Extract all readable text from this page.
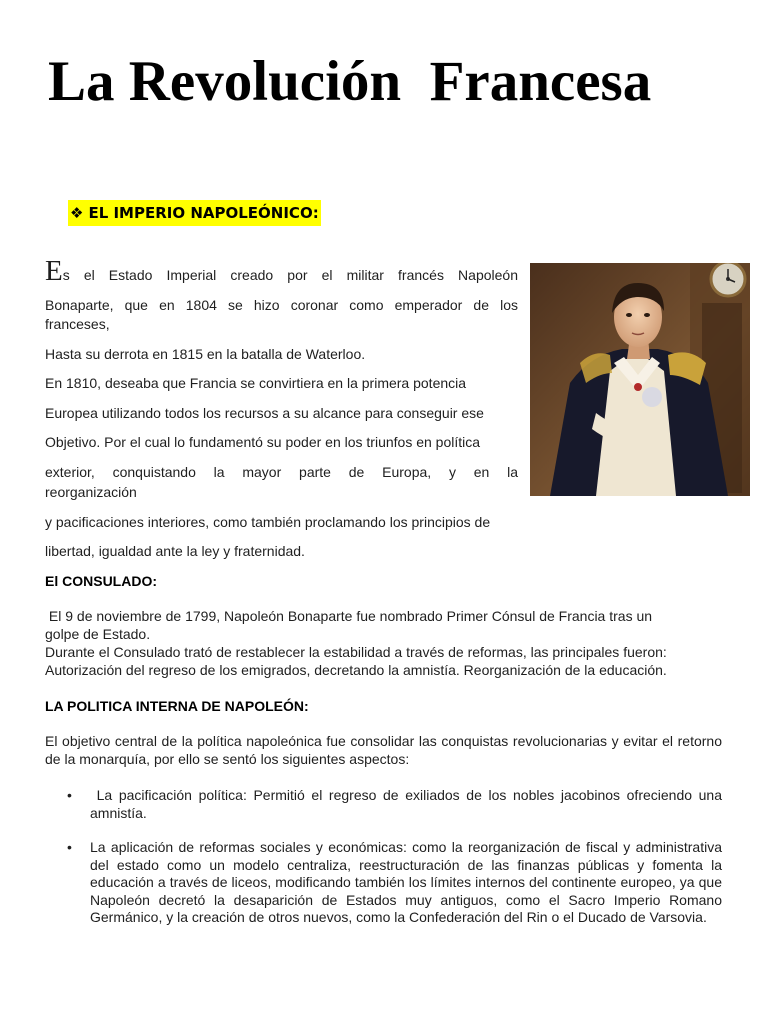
La Revolución  Francesa
❖ EL IMPERIO NAPOLEÓNICO:

Es el Estado Imperial creado por el militar francés Napoleón

Bonaparte, que en 1804 se hizo coronar como emperador de los

franceses,

Hasta su derrota en 1815 en la batalla de Waterloo.

En 1810, deseaba que Francia se convirtiera en la primera potencia

Europea utilizando todos los recursos a su alcance para conseguir ese

Objetivo. Por el cual lo fundamentó su poder en los triunfos en política

exterior, conquistando la mayor parte de Europa, y en la

reorganización

y pacificaciones interiores, como también proclamando los principios de

libertad, igualdad ante la ley y fraternidad.

El CONSULADO:

El 9 de noviembre de 1799, Napoleón Bonaparte fue nombrado Primer Cónsul de Francia tras un

golpe de Estado.

Durante el Consulado trató de restablecer la estabilidad a través de reformas, las principales fueron:

Autorización del regreso de los emigrados, decretando la amnistía. Reorganización de la educación.

LA POLITICA INTERNA DE NAPOLEÓN:

El objetivo central de la política napoleónica fue consolidar las conquistas revolucionarias y evitar el retorno de la monarquía, por ello se sentó los siguientes aspectos:

• La pacificación política: Permitió el regreso de exiliados de los nobles jacobinos ofreciendo una amnistía.
• La aplicación de reformas sociales y económicas: como la reorganización de fiscal y administrativa del estado como un modelo centraliza, reestructuración de las finanzas públicas y fomenta la educación a través de liceos, modificando también los límites internos del continente europeo, ya que Napoleón decretó la desaparición de Estados muy antiguos, como el Sacro Imperio Romano Germánico, y la creación de otros nuevos, como la Confederación del Rin o el Ducado de Varsovia.
